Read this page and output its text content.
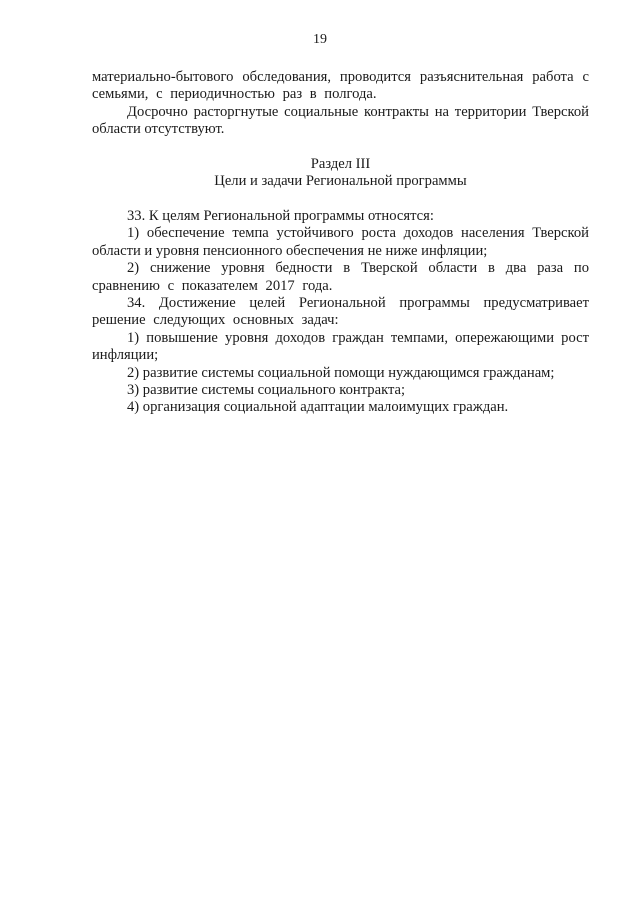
19

материально-бытового обследования, проводится разъяснительная работа с семьями, с периодичностью раз в полгода.

Досрочно расторгнутые социальные контракты на территории Тверской области отсутствуют.

Раздел III

Цели и задачи Региональной программы

33. К целям Региональной программы относятся:

1) обеспечение темпа устойчивого роста доходов населения Тверской области и уровня пенсионного обеспечения не ниже инфляции;

2) снижение уровня бедности в Тверской области в два раза по сравнению с показателем 2017 года.

34. Достижение целей Региональной программы предусматривает решение следующих основных задач:

1) повышение уровня доходов граждан темпами, опережающими рост инфляции;

2) развитие системы социальной помощи нуждающимся гражданам;

3) развитие системы социального контракта;

4) организация социальной адаптации малоимущих граждан.
